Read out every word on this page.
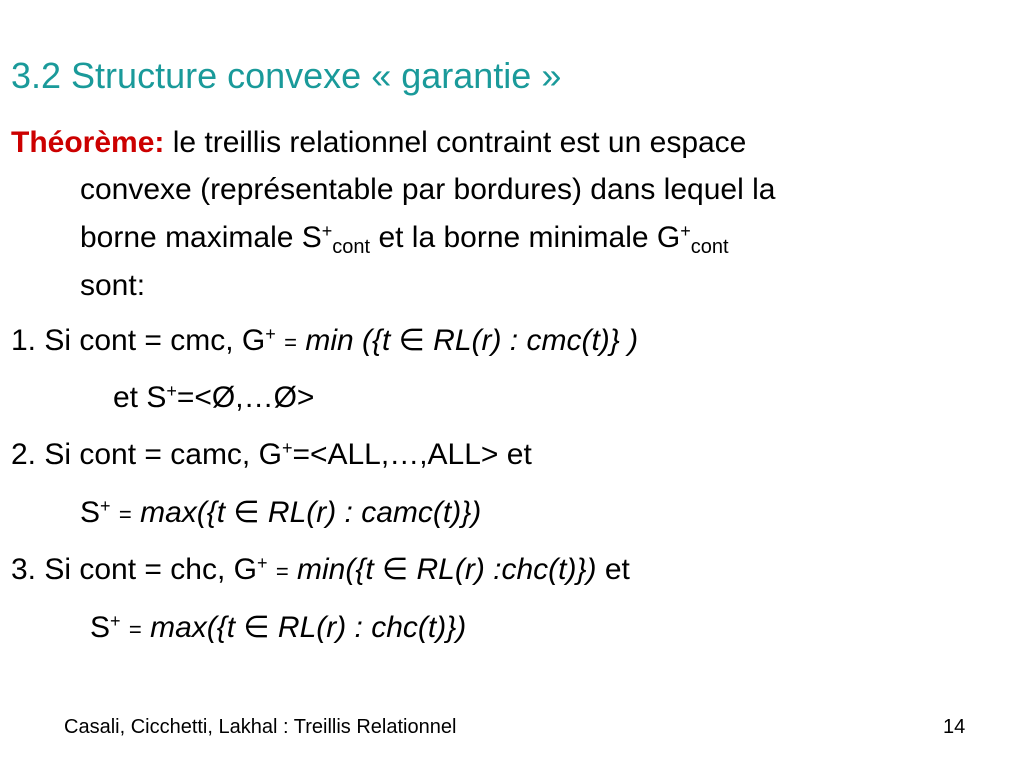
3.2 Structure convexe « garantie »
Théorème: le treillis relationnel contraint est un espace
convexe (représentable par bordures) dans lequel la
borne maximale $S^+_{cont}$ et la borne minimale $G^+_{cont}$
sont:
1. Si cont = cmc, G+ = min ({t ∈ RL(r) : cmc(t)} )
et S+=<Ø,…Ø>
2. Si cont = camc, G+=<ALL,…,ALL> et
S+ = max({t ∈ RL(r) : camc(t)})
3. Si cont = chc, G+ = min({t ∈ RL(r) :chc(t)}) et
S+ = max({t ∈ RL(r) : chc(t)})
Casali, Cicchetti, Lakhal : Treillis Relationnel	14
